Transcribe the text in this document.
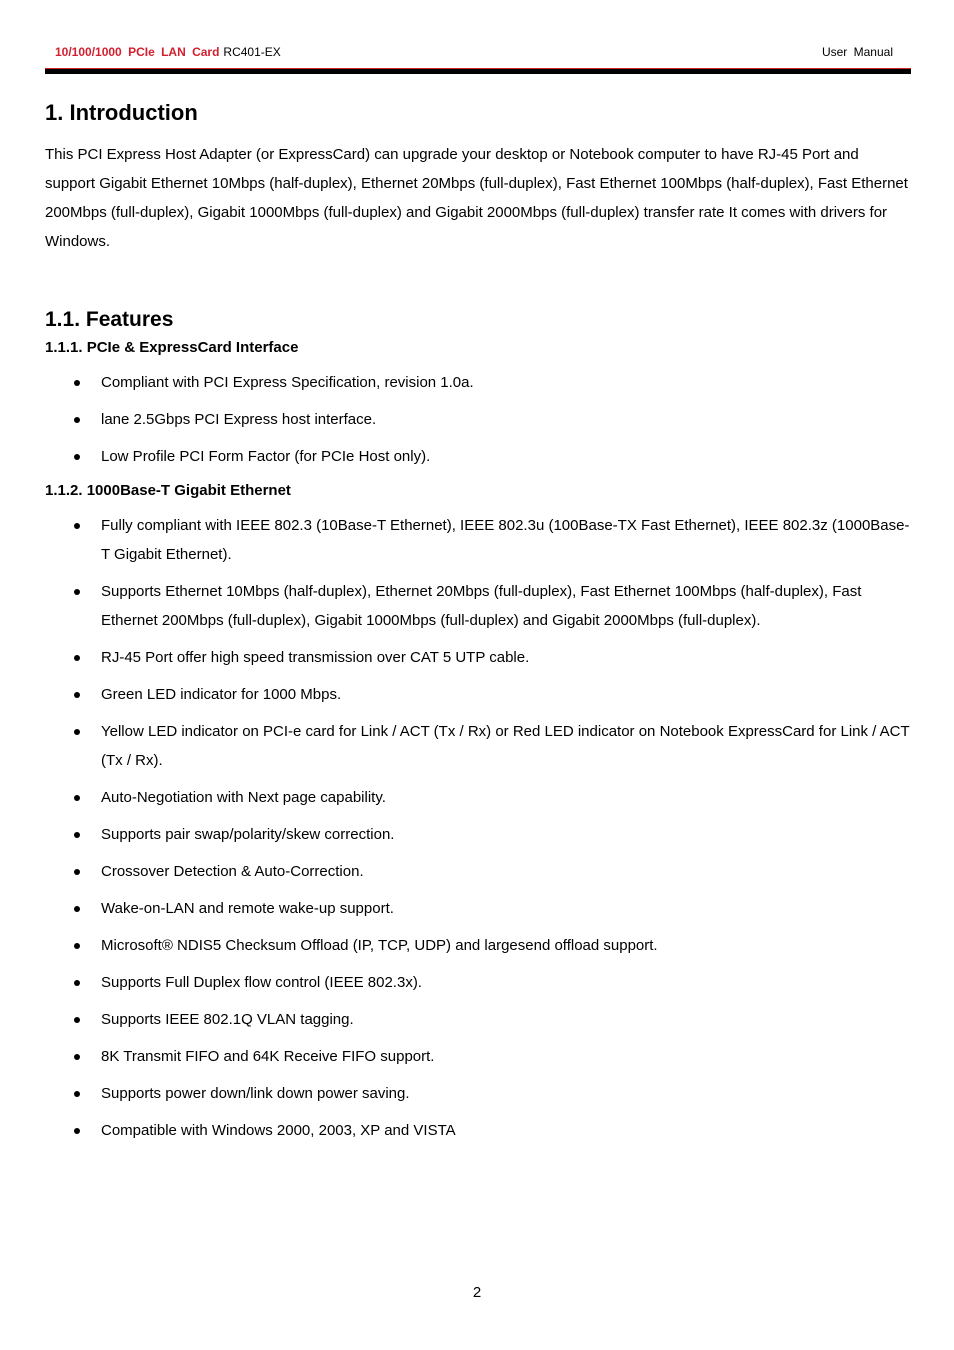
10/100/1000 PCIe LAN Card RC401-EX	User Manual
1. Introduction

This PCI Express Host Adapter (or ExpressCard) can upgrade your desktop or Notebook computer to have RJ-45 Port and support Gigabit Ethernet 10Mbps (half-duplex), Ethernet 20Mbps (full-duplex), Fast Ethernet 100Mbps (half-duplex), Fast Ethernet 200Mbps (full-duplex), Gigabit 1000Mbps (full-duplex) and Gigabit 2000Mbps (full-duplex) transfer rate It comes with drivers for Windows.

1.1. Features
1.1.1. PCIe & ExpressCard Interface
Compliant with PCI Express Specification, revision 1.0a.
lane 2.5Gbps PCI Express host interface.
Low Profile PCI Form Factor (for PCIe Host only).
1.1.2. 1000Base-T Gigabit Ethernet
Fully compliant with IEEE 802.3 (10Base-T Ethernet), IEEE 802.3u (100Base-TX Fast Ethernet), IEEE 802.3z (1000Base-T Gigabit Ethernet).
Supports Ethernet 10Mbps (half-duplex), Ethernet 20Mbps (full-duplex), Fast Ethernet 100Mbps (half-duplex), Fast Ethernet 200Mbps (full-duplex), Gigabit 1000Mbps (full-duplex) and Gigabit 2000Mbps (full-duplex).
RJ-45 Port offer high speed transmission over CAT 5 UTP cable.
Green LED indicator for 1000 Mbps.
Yellow LED indicator on PCI-e card for Link / ACT (Tx / Rx) or Red LED indicator on Notebook ExpressCard for Link / ACT (Tx / Rx).
Auto-Negotiation with Next page capability.
Supports pair swap/polarity/skew correction.
Crossover Detection & Auto-Correction.
Wake-on-LAN and remote wake-up support.
Microsoft® NDIS5 Checksum Offload (IP, TCP, UDP) and largesend offload support.
Supports Full Duplex flow control (IEEE 802.3x).
Supports IEEE 802.1Q VLAN tagging.
8K Transmit FIFO and 64K Receive FIFO support.
Supports power down/link down power saving.
Compatible with Windows 2000, 2003, XP and VISTA
2
